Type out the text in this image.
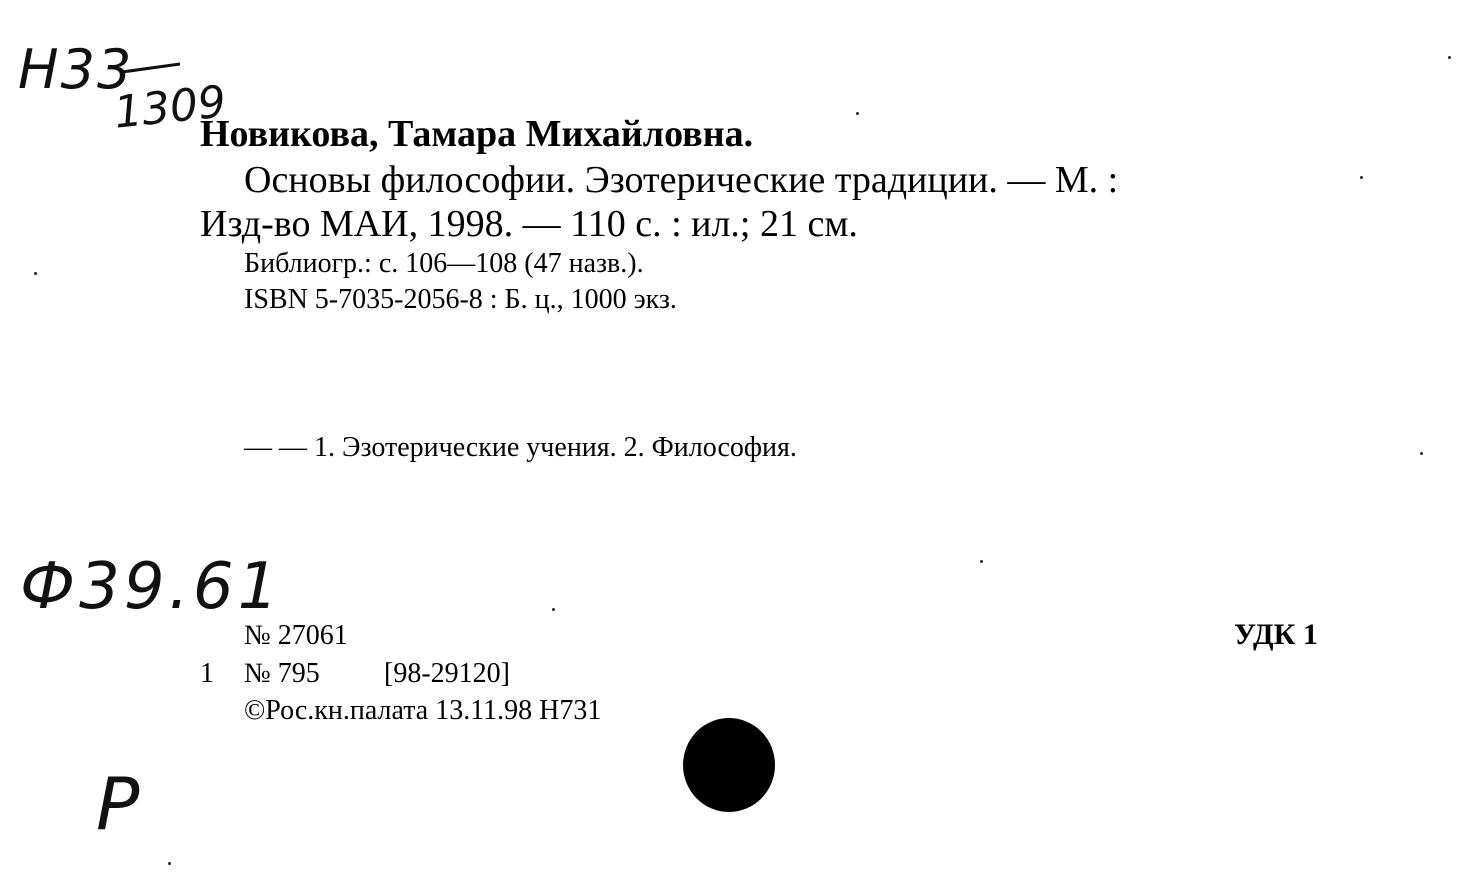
Н33
1309
Новикова, Тамара Михайловна.
Основы философии. Эзотерические традиции. — М. :
Изд-во МАИ, 1998. — 110 с. : ил.; 21 см.
Библиогр.: с. 106—108 (47 назв.).
ISBN 5-7035-2056-8 : Б. ц., 1000 экз.
— — 1. Эзотерические учения. 2. Философия.
Ф39.61
№ 27061	УДК 1
1 № 795 [98-29120]
©Рос.кн.палата 13.11.98 Н731
Р
